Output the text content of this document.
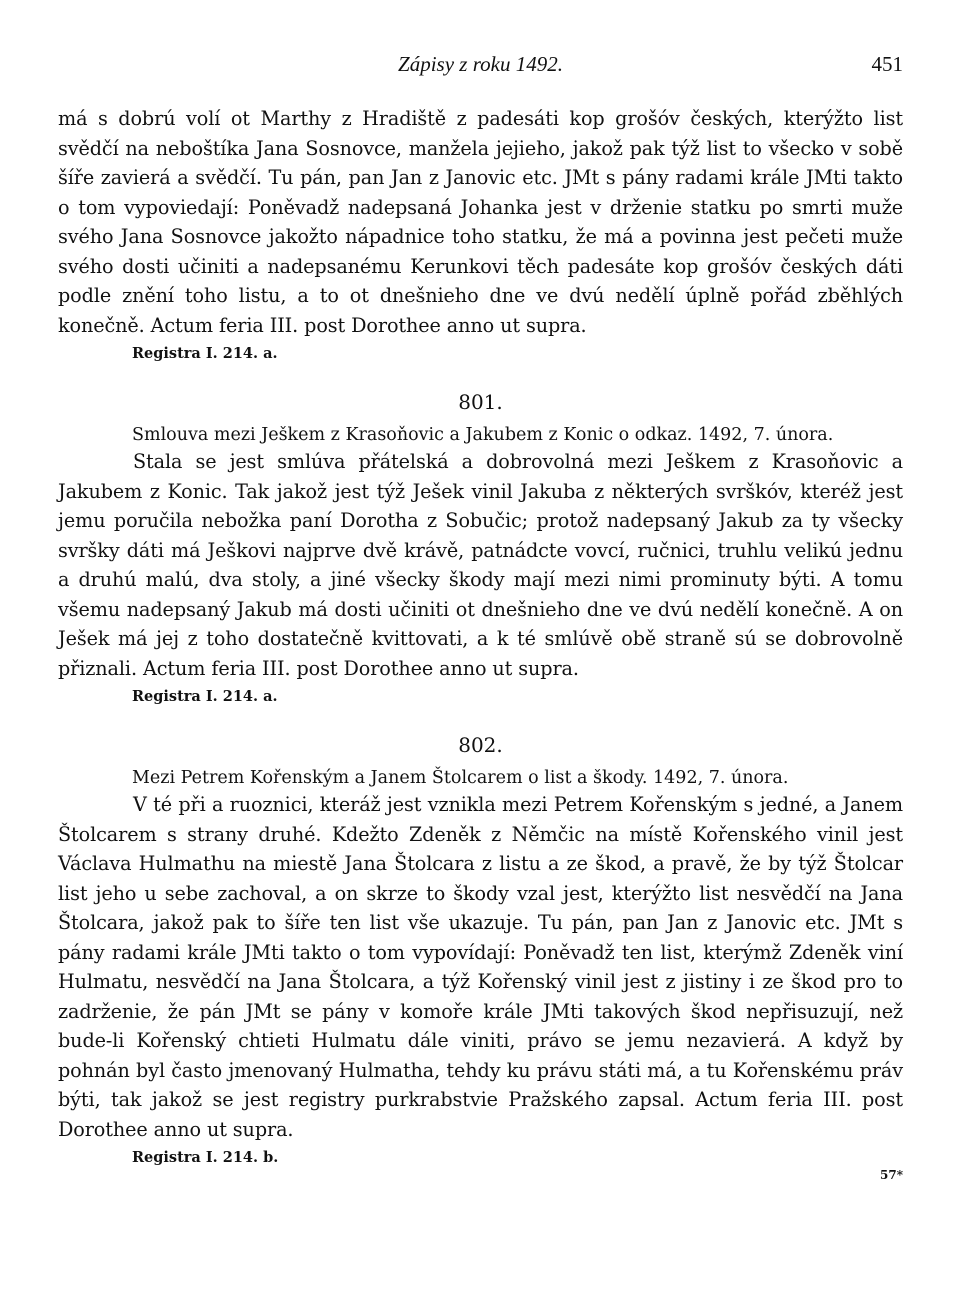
Zápisy z roku 1492.	451

má s dobrú volí ot Marthy z Hradiště z padesáti kop grošóv českých, kterýžto list svědčí na neboštíka Jana Sosnovce, manžela jejieho, jakož pak týž list to všecko v sobě šíře zavierá a svědčí. Tu pán, pan Jan z Janovic etc. JMt s pány radami krále JMti takto o tom vypoviedají: Poněvadž nadepsaná Johanka jest v drženie statku po smrti muže svého Jana Sosnovce jakožto nápadnice toho statku, že má a povinna jest pečeti muže svého dosti učiniti a nadepsanému Kerunkovi těch padesáte kop grošóv českých dáti podle znění toho listu, a to ot dnešnieho dne ve dvú nedělí úplně pořád zběhlých konečně. Actum feria III. post Dorothee anno ut supra.

Registra I. 214. a.
801.
Smlouva mezi Ješkem z Krasoňovic a Jakubem z Konic o odkaz. 1492, 7. února.

Stala se jest smlúva přátelská a dobrovolná mezi Ješkem z Krasoňovic a Jakubem z Konic. Tak jakož jest týž Ješek vinil Jakuba z některých svrškóv, kteréž jest jemu poručila nebožka paní Dorotha z Sobučic; protož nadepsaný Jakub za ty všecky svršky dáti má Ješkovi najprve dvě krávě, patnádcte vovcí, ručnici, truhlu velikú jednu a druhú malú, dva stoly, a jiné všecky škody mají mezi nimi prominuty býti. A tomu všemu nadepsaný Jakub má dosti učiniti ot dnešnieho dne ve dvú nedělí konečně. A on Ješek má jej z toho dostatečně kvittovati, a k té smlúvě obě straně sú se dobrovolně přiznali. Actum feria III. post Dorothee anno ut supra.

Registra I. 214. a.
802.
Mezi Petrem Kořenským a Janem Štolcarem o list a škody. 1492, 7. února.

V té při a ruoznici, kteráž jest vznikla mezi Petrem Kořenským s jedné, a Janem Štolcarem s strany druhé. Kdežto Zdeněk z Němčic na místě Kořenského vinil jest Václava Hulmathu na miestě Jana Štolcara z listu a ze škod, a pravě, že by týž Štolcar list jeho u sebe zachoval, a on skrze to škody vzal jest, kterýžto list nesvědčí na Jana Štolcara, jakož pak to šíře ten list vše ukazuje. Tu pán, pan Jan z Janovic etc. JMt s pány radami krále JMti takto o tom vypovídají: Poněvadž ten list, kterýmž Zdeněk viní Hulmatu, nesvědčí na Jana Štolcara, a týž Kořenský vinil jest z jistiny i ze škod pro to zadrženie, že pán JMt se pány v komoře krále JMti takových škod nepřisuzují, než bude-li Kořenský chtieti Hulmatu dále viniti, právo se jemu nezavierá. A když by pohnán byl často jmenovaný Hulmatha, tehdy ku právu státi má, a tu Kořenskému práv býti, tak jakož se jest registry purkrabstvie Pražského zapsal. Actum feria III. post Dorothee anno ut supra.

Registra I. 214. b.
57*
